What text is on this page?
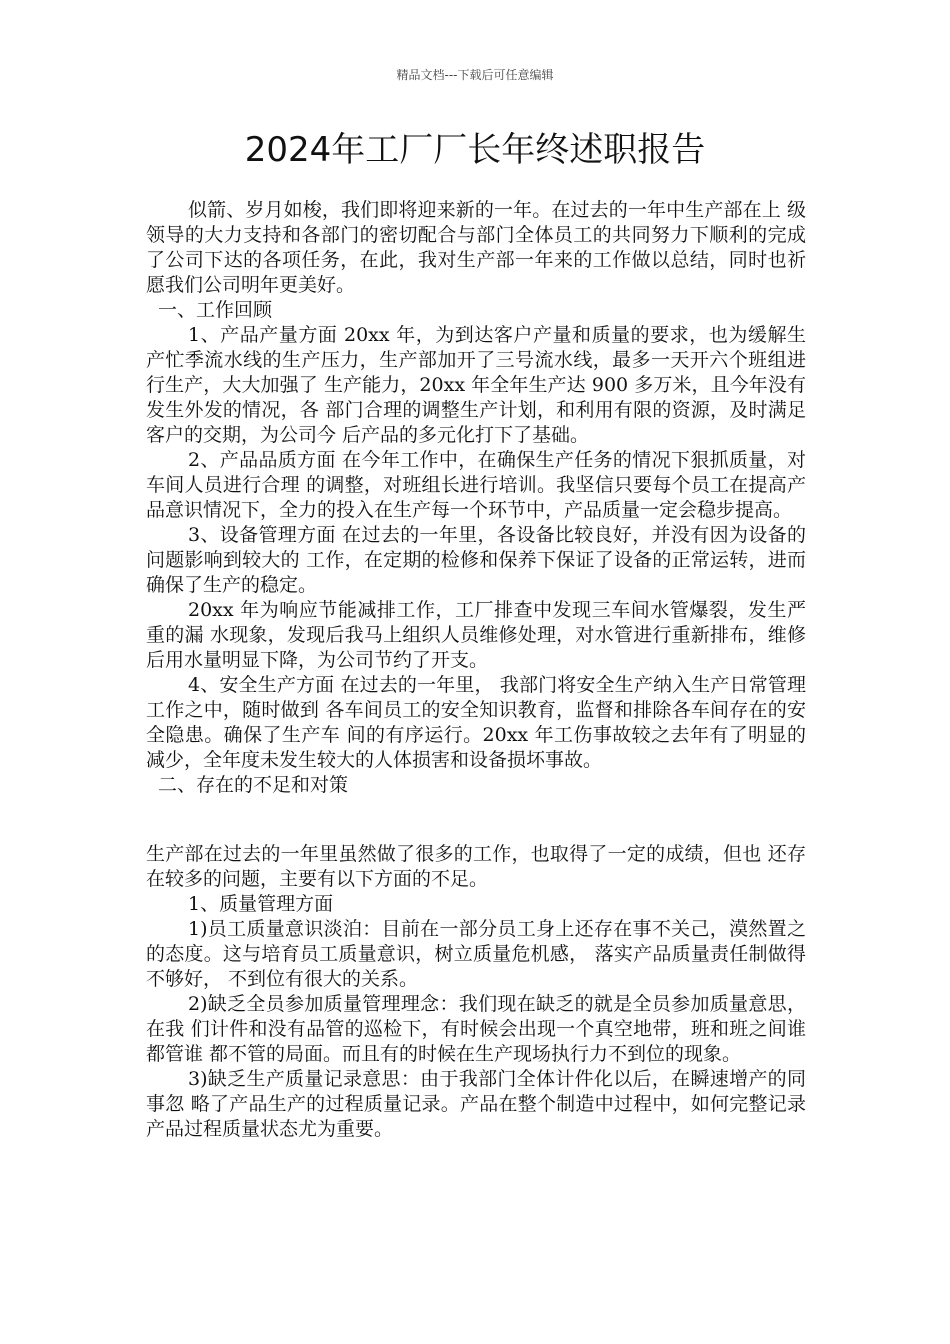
精品文档---下载后可任意编辑
2024年工厂厂长年终述职报告

似箭、岁月如梭，我们即将迎来新的一年。在过去的一年中生产部在上 级领导的大力支持和各部门的密切配合与部门全体员工的共同努力下顺利的完成了公司下达的各项任务，在此，我对生产部一年来的工作做以总结，同时也祈 愿我们公司明年更美好。

一、工作回顾

1、产品产量方面 20xx 年，为到达客户产量和质量的要求，也为缓解生产忙季流水线的生产压力，生产部加开了三号流水线，最多一天开六个班组进行生产，大大加强了 生产能力，20xx 年全年生产达 900 多万米，且今年没有发生外发的情况，各 部门合理的调整生产计划，和利用有限的资源，及时满足客户的交期，为公司今 后产品的多元化打下了基础。

2、产品品质方面 在今年工作中，在确保生产任务的情况下狠抓质量，对车间人员进行合理 的调整，对班组长进行培训。我坚信只要每个员工在提高产品意识情况下，全力的投入在生产每一个环节中，产品质量一定会稳步提高。

3、设备管理方面 在过去的一年里，各设备比较良好，并没有因为设备的问题影响到较大的 工作，在定期的检修和保养下保证了设备的正常运转，进而确保了生产的稳定。

20xx 年为响应节能减排工作，工厂排查中发现三车间水管爆裂，发生严重的漏 水现象，发现后我马上组织人员维修处理，对水管进行重新排布，维修后用水量明显下降，为公司节约了开支。

4、安全生产方面 在过去的一年里， 我部门将安全生产纳入生产日常管理工作之中，随时做到 各车间员工的安全知识教育，监督和排除各车间存在的安全隐患。确保了生产车 间的有序运行。20xx 年工伤事故较之去年有了明显的减少，全年度未发生较大的人体损害和设备损坏事故。

二、存在的不足和对策

生产部在过去的一年里虽然做了很多的工作，也取得了一定的成绩，但也 还存在较多的问题，主要有以下方面的不足。

1、质量管理方面

1)员工质量意识淡泊：目前在一部分员工身上还存在事不关己，漠然置之的态度。这与培育员工质量意识，树立质量危机感， 落实产品质量责任制做得不够好， 不到位有很大的关系。

2)缺乏全员参加质量管理理念：我们现在缺乏的就是全员参加质量意思，在我 们计件和没有品管的巡检下，有时候会出现一个真空地带，班和班之间谁都管谁 都不管的局面。而且有的时候在生产现场执行力不到位的现象。

3)缺乏生产质量记录意思：由于我部门全体计件化以后，在瞬速增产的同事忽 略了产品生产的过程质量记录。产品在整个制造中过程中，如何完整记录产品过程质量状态尤为重要。
